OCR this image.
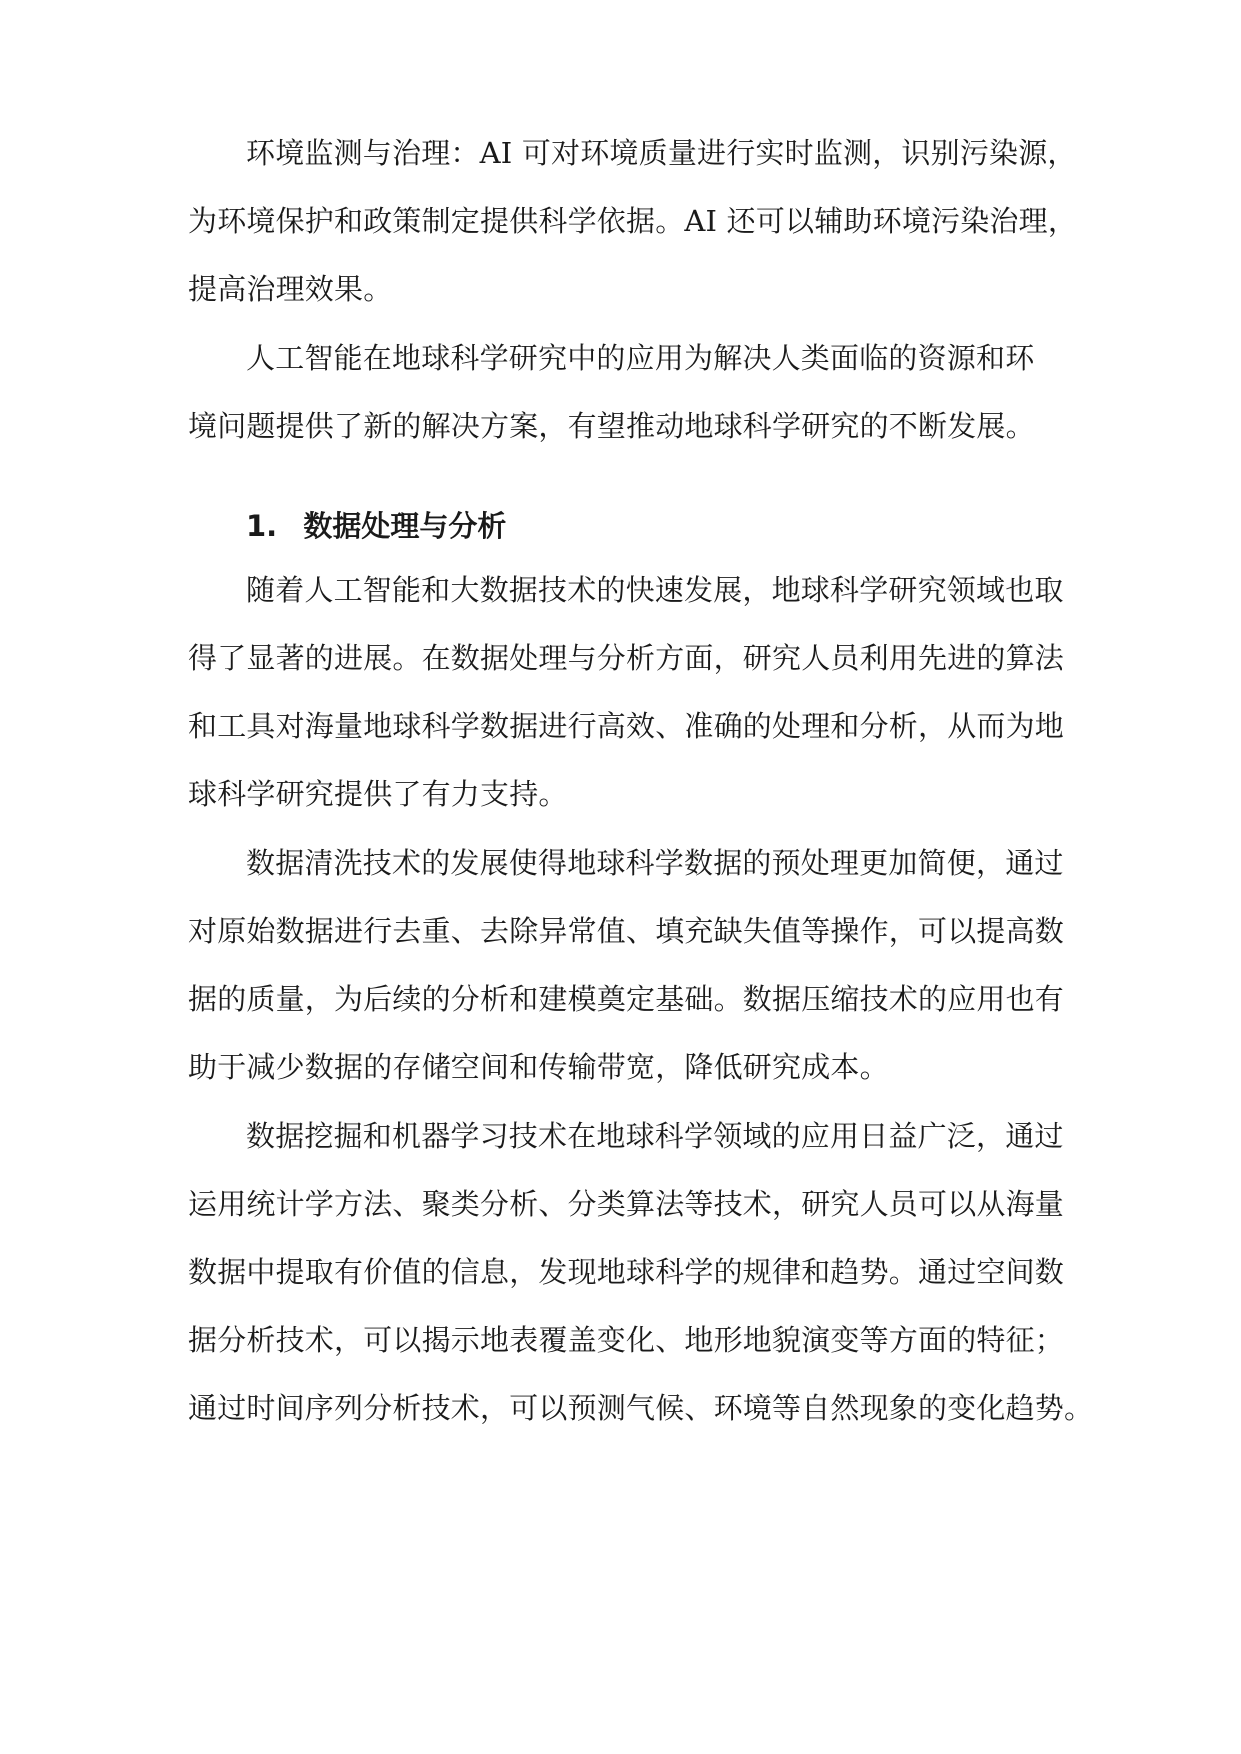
环境监测与治理：AI 可对环境质量进行实时监测，识别污染源，
为环境保护和政策制定提供科学依据。AI 还可以辅助环境污染治理，
提高治理效果。
人工智能在地球科学研究中的应用为解决人类面临的资源和环
境问题提供了新的解决方案，有望推动地球科学研究的不断发展。
1. 数据处理与分析
随着人工智能和大数据技术的快速发展，地球科学研究领域也取
得了显著的进展。在数据处理与分析方面，研究人员利用先进的算法
和工具对海量地球科学数据进行高效、准确的处理和分析，从而为地
球科学研究提供了有力支持。
数据清洗技术的发展使得地球科学数据的预处理更加简便，通过
对原始数据进行去重、去除异常值、填充缺失值等操作，可以提高数
据的质量，为后续的分析和建模奠定基础。数据压缩技术的应用也有
助于减少数据的存储空间和传输带宽，降低研究成本。
数据挖掘和机器学习技术在地球科学领域的应用日益广泛，通过
运用统计学方法、聚类分析、分类算法等技术，研究人员可以从海量
数据中提取有价值的信息，发现地球科学的规律和趋势。通过空间数
据分析技术，可以揭示地表覆盖变化、地形地貌演变等方面的特征；
通过时间序列分析技术，可以预测气候、环境等自然现象的变化趋势。
